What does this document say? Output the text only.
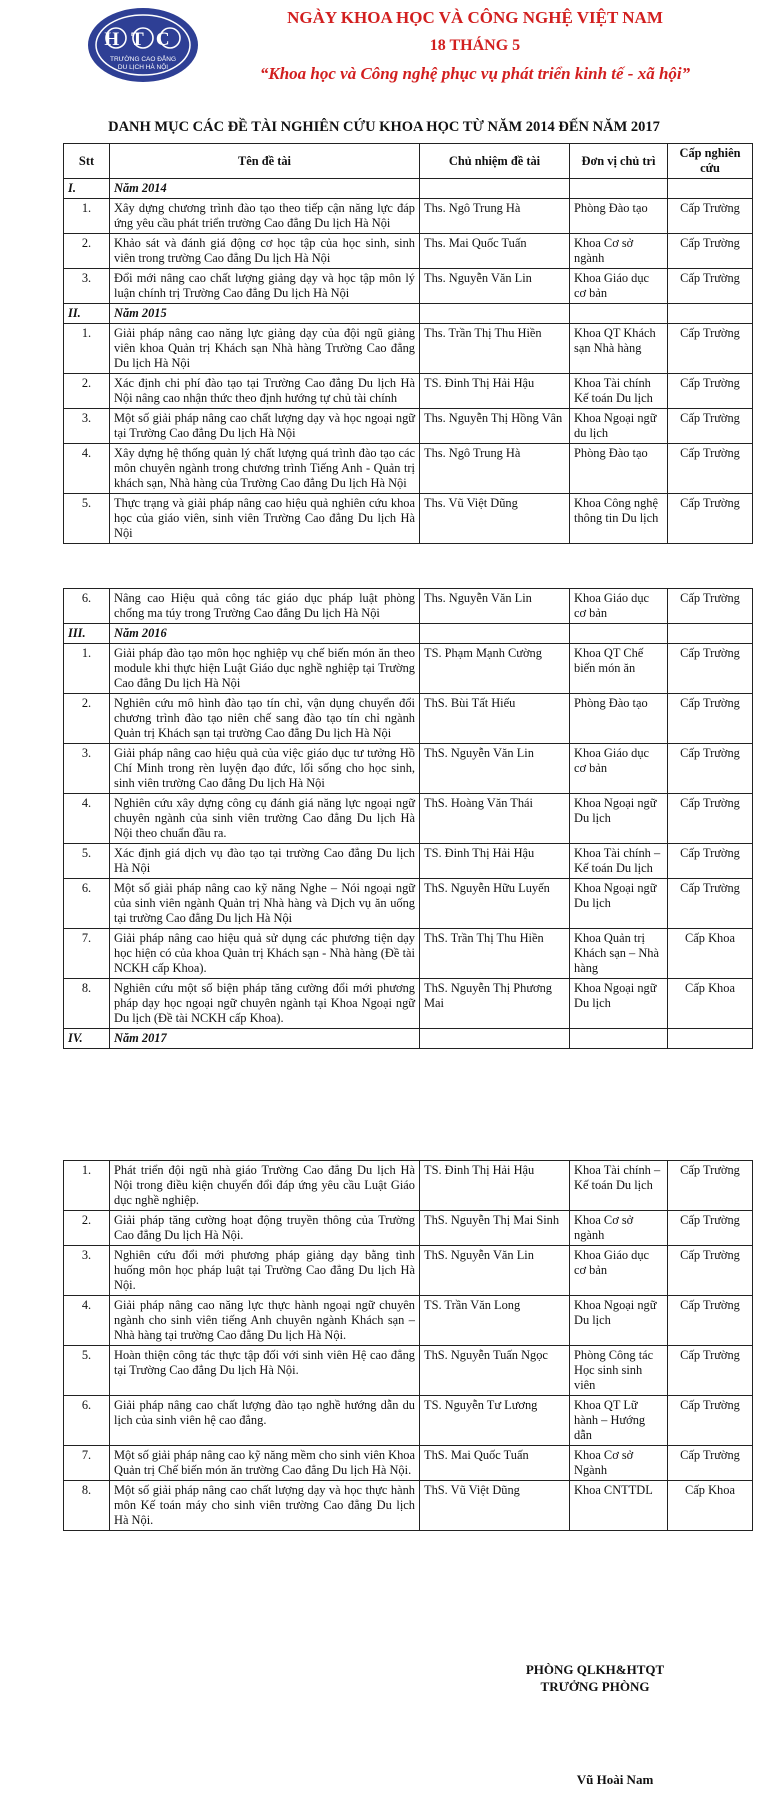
HTC
TRƯỜNG CAO ĐẲNG
DU LỊCH HÀ NỘI
NGÀY KHOA HỌC VÀ CÔNG NGHỆ VIỆT NAM
18 THÁNG 5
“Khoa học và Công nghệ phục vụ phát triển kinh tế - xã hội”
DANH MỤC CÁC ĐỀ TÀI NGHIÊN CỨU KHOA HỌC TỪ NĂM 2014 ĐẾN NĂM 2017
Stt	Tên đề tài	Chủ nhiệm đề tài	Đơn vị chủ trì	Cấp nghiên cứu
I.	Năm 2014			
1.	Xây dựng chương trình đào tạo theo tiếp cận năng lực đáp ứng yêu cầu phát triển trường Cao đẳng Du lịch Hà Nội	Ths. Ngô Trung Hà	Phòng Đào tạo	Cấp Trường
2.	Khảo sát và đánh giá động cơ học tập của học sinh, sinh viên trong trường Cao đẳng Du lịch Hà Nội	Ths. Mai Quốc Tuấn	Khoa Cơ sở ngành	Cấp Trường
3.	Đổi mới nâng cao chất lượng giảng dạy và học tập môn lý luận chính trị Trường Cao đẳng Du lịch Hà Nội	Ths. Nguyễn Văn Lin	Khoa Giáo dục cơ bản	Cấp Trường
II.	Năm 2015			
1.	Giải pháp nâng cao năng lực giảng dạy của đội ngũ giảng viên khoa Quản trị Khách sạn Nhà hàng Trường Cao đẳng Du lịch Hà Nội	Ths. Trần Thị Thu Hiền	Khoa QT Khách sạn Nhà hàng	Cấp Trường
2.	Xác định chi phí đào tạo tại Trường Cao đẳng Du lịch Hà Nội nâng cao nhận thức theo định hướng tự chủ tài chính	TS. Đinh Thị Hải Hậu	Khoa Tài chính Kế toán Du lịch	Cấp Trường
3.	Một số giải pháp nâng cao chất lượng dạy và học ngoại ngữ tại Trường Cao đẳng Du lịch Hà Nội	Ths. Nguyễn Thị Hồng Vân	Khoa Ngoại ngữ du lịch	Cấp Trường
4.	Xây dựng hệ thống quản lý chất lượng quá trình đào tạo các môn chuyên ngành trong chương trình Tiếng Anh - Quản trị khách sạn, Nhà hàng của Trường Cao đẳng Du lịch Hà Nội	Ths. Ngô Trung Hà	Phòng Đào tạo	Cấp Trường
5.	Thực trạng và giải pháp nâng cao hiệu quả nghiên cứu khoa học của giáo viên, sinh viên Trường Cao đẳng Du lịch Hà Nội	Ths. Vũ Việt Dũng	Khoa Công nghệ thông tin Du lịch	Cấp Trường
6.	Nâng cao Hiệu quả công tác giáo dục pháp luật phòng chống ma túy trong Trường Cao đẳng Du lịch Hà Nội	Ths. Nguyễn Văn Lin	Khoa Giáo dục cơ bản	Cấp Trường
III.	Năm 2016			
1.	Giải pháp đào tạo môn học nghiệp vụ chế biến món ăn theo module khi thực hiện Luật Giáo dục nghề nghiệp tại Trường Cao đẳng Du lịch Hà Nội	TS. Phạm Mạnh Cường	Khoa QT Chế biến món ăn	Cấp Trường
2.	Nghiên cứu mô hình đào tạo tín chỉ, vận dụng chuyển đổi chương trình đào tạo niên chế sang đào tạo tín chỉ ngành Quản trị Khách sạn tại trường Cao đẳng Du lịch Hà Nội	ThS. Bùi Tất Hiếu	Phòng Đào tạo	Cấp Trường
3.	Giải pháp nâng cao hiệu quả của việc giáo dục tư tưởng Hồ Chí Minh trong rèn luyện đạo đức, lối sống cho học sinh, sinh viên trường Cao đẳng Du lịch Hà Nội	ThS. Nguyễn Văn Lin	Khoa Giáo dục cơ bản	Cấp Trường
4.	Nghiên cứu xây dựng công cụ đánh giá năng lực ngoại ngữ chuyên ngành của sinh viên trường Cao đẳng Du lịch Hà Nội theo chuẩn đầu ra.	ThS. Hoàng Văn Thái	Khoa Ngoại ngữ Du lịch	Cấp Trường
5.	Xác định giá dịch vụ đào tạo tại trường Cao đẳng Du lịch Hà Nội	TS. Đinh Thị Hải Hậu	Khoa Tài chính – Kế toán Du lịch	Cấp Trường
6.	Một số giải pháp nâng cao kỹ năng Nghe – Nói ngoại ngữ của sinh viên ngành Quản trị Nhà hàng và Dịch vụ ăn uống tại trường Cao đẳng Du lịch Hà Nội	ThS. Nguyễn Hữu Luyến	Khoa Ngoại ngữ Du lịch	Cấp Trường
7.	Giải pháp nâng cao hiệu quả sử dụng các phương tiện dạy học hiện có của khoa Quản trị Khách sạn - Nhà hàng (Đề tài NCKH cấp Khoa).	ThS. Trần Thị Thu Hiền	Khoa Quản trị Khách sạn – Nhà hàng	Cấp Khoa
8.	Nghiên cứu một số biện pháp tăng cường đổi mới phương pháp dạy học ngoại ngữ chuyên ngành tại Khoa Ngoại ngữ Du lịch (Đề tài NCKH cấp Khoa).	ThS. Nguyễn Thị Phương Mai	Khoa Ngoại ngữ Du lịch	Cấp Khoa
IV.	Năm 2017			
1.	Phát triển đội ngũ nhà giáo Trường Cao đẳng Du lịch Hà Nội trong điều kiện chuyển đổi đáp ứng yêu cầu Luật Giáo dục nghề nghiệp.	TS. Đinh Thị Hải Hậu	Khoa Tài chính – Kế toán Du lịch	Cấp Trường
2.	Giải pháp tăng cường hoạt động truyền thông của Trường Cao đẳng Du lịch Hà Nội.	ThS. Nguyễn Thị Mai Sinh	Khoa Cơ sở ngành	Cấp Trường
3.	Nghiên cứu đổi mới phương pháp giảng dạy bằng tình huống môn học pháp luật tại Trường Cao đẳng Du lịch Hà Nội.	ThS. Nguyễn Văn Lin	Khoa Giáo dục cơ bản	Cấp Trường
4.	Giải pháp nâng cao năng lực thực hành ngoại ngữ chuyên ngành cho sinh viên tiếng Anh chuyên ngành Khách sạn – Nhà hàng tại trường Cao đẳng Du lịch Hà Nội.	TS. Trần Văn Long	Khoa Ngoại ngữ Du lịch	Cấp Trường
5.	Hoàn thiện công tác thực tập đối với sinh viên Hệ cao đẳng tại Trường Cao đẳng Du lịch Hà Nội.	ThS. Nguyễn Tuấn Ngọc	Phòng Công tác Học sinh sinh viên	Cấp Trường
6.	Giải pháp nâng cao chất lượng đào tạo nghề hướng dẫn du lịch của sinh viên hệ cao đẳng.	TS. Nguyễn Tư Lương	Khoa QT Lữ hành – Hướng dẫn	Cấp Trường
7.	Một số giải pháp nâng cao kỹ năng mềm cho sinh viên Khoa Quản trị Chế biến món ăn trường Cao đẳng Du lịch Hà Nội.	ThS. Mai Quốc Tuấn	Khoa Cơ sở Ngành	Cấp Trường
8.	Một số giải pháp nâng cao chất lượng dạy và học thực hành môn Kế toán máy cho sinh viên trường Cao đẳng Du lịch Hà Nội.	ThS. Vũ Việt Dũng	Khoa CNTTDL	Cấp Khoa
PHÒNG QLKH&HTQT
TRƯỞNG PHÒNG
Vũ Hoài Nam
